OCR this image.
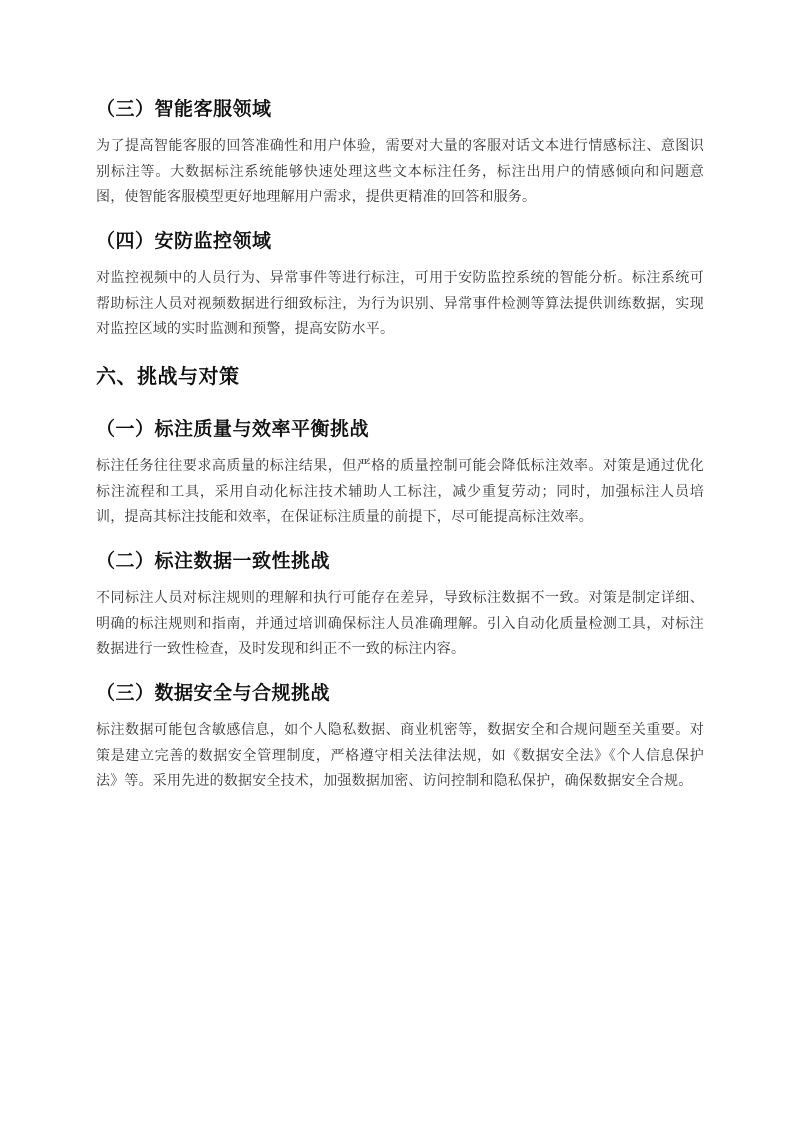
（三）智能客服领域

为了提高智能客服的回答准确性和用户体验，需要对大量的客服对话文本进行情感标注、意图识别标注等。大数据标注系统能够快速处理这些文本标注任务，标注出用户的情感倾向和问题意图，使智能客服模型更好地理解用户需求，提供更精准的回答和服务。

（四）安防监控领域

对监控视频中的人员行为、异常事件等进行标注，可用于安防监控系统的智能分析。标注系统可帮助标注人员对视频数据进行细致标注，为行为识别、异常事件检测等算法提供训练数据，实现对监控区域的实时监测和预警，提高安防水平。

六、挑战与对策
（一）标注质量与效率平衡挑战

标注任务往往要求高质量的标注结果，但严格的质量控制可能会降低标注效率。对策是通过优化标注流程和工具，采用自动化标注技术辅助人工标注，减少重复劳动；同时，加强标注人员培训，提高其标注技能和效率，在保证标注质量的前提下，尽可能提高标注效率。

（二）标注数据一致性挑战

不同标注人员对标注规则的理解和执行可能存在差异，导致标注数据不一致。对策是制定详细、明确的标注规则和指南，并通过培训确保标注人员准确理解。引入自动化质量检测工具，对标注数据进行一致性检查，及时发现和纠正不一致的标注内容。

（三）数据安全与合规挑战

标注数据可能包含敏感信息，如个人隐私数据、商业机密等，数据安全和合规问题至关重要。对策是建立完善的数据安全管理制度，严格遵守相关法律法规，如《数据安全法》《个人信息保护法》等。采用先进的数据安全技术，加强数据加密、访问控制和隐私保护，确保数据安全合规。
